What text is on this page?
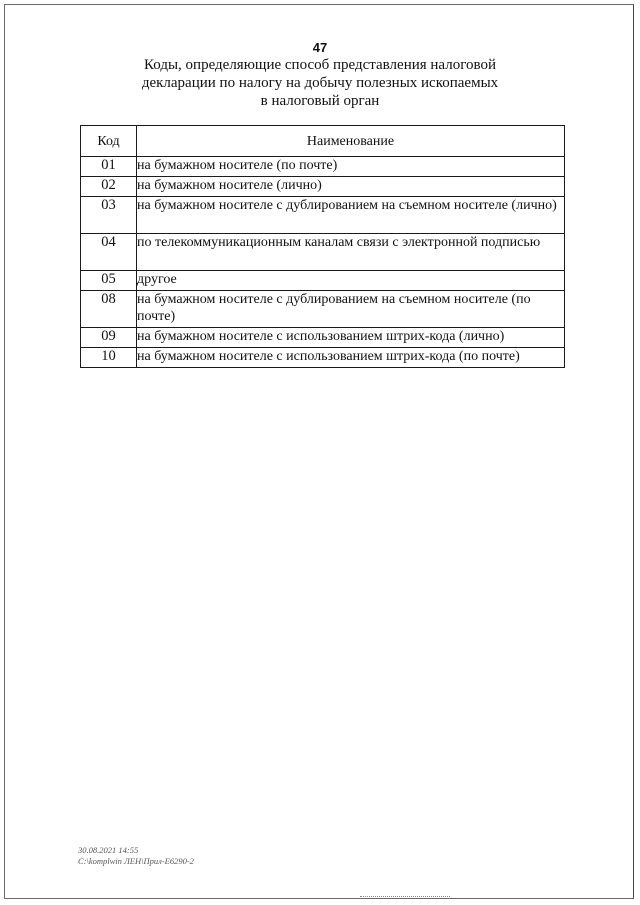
47
Коды, определяющие способ представления налоговой
декларации по налогу на добычу полезных ископаемых
в налоговый орган
Код	Наименование
01	на бумажном носителе (по почте)
02	на бумажном носителе (лично)
03	на бумажном носителе с дублированием на съемном носителе (лично)
04	по телекоммуникационным каналам связи с электронной подписью
05	другое
08	на бумажном носителе с дублированием на съемном носителе (по почте)
09	на бумажном носителе с использованием штрих-кода (лично)
10	на бумажном носителе с использованием штрих-кода (по почте)
30.08.2021 14:55
C:\komplwin ЛЕН\Прил-Е6290-2
